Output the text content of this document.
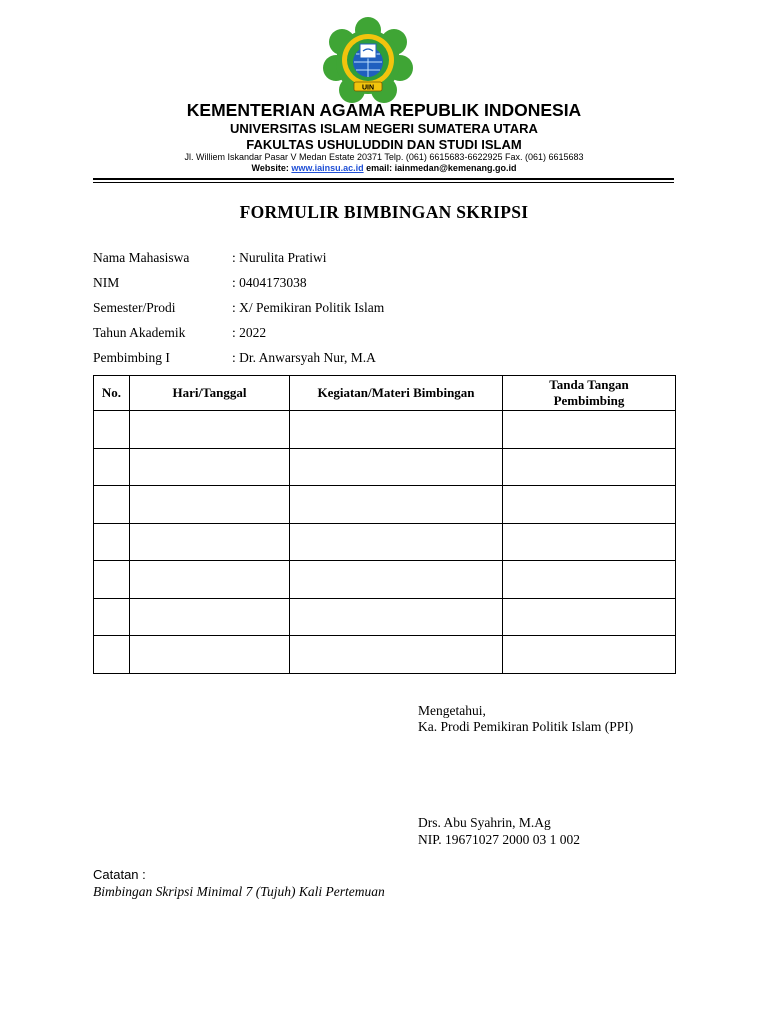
UIN
KEMENTERIAN AGAMA REPUBLIK INDONESIA
UNIVERSITAS ISLAM NEGERI SUMATERA UTARA
FAKULTAS USHULUDDIN DAN STUDI ISLAM
Jl. Williem Iskandar Pasar V Medan Estate 20371 Telp. (061) 6615683-6622925 Fax. (061) 6615683
Website: www.iainsu.ac.id email: iainmedan@kemenang.go.id
FORMULIR BIMBINGAN SKRIPSI
Nama Mahasiswa	: Nurulita Pratiwi
NIM	: 0404173038
Semester/Prodi	: X/ Pemikiran Politik Islam
Tahun Akademik	: 2022
Pembimbing I	: Dr. Anwarsyah Nur, M.A
No.	Hari/Tanggal	Kegiatan/Materi Bimbingan	Tanda Tangan Pembimbing

Mengetahui,
Ka. Prodi Pemikiran Politik Islam (PPI)
Drs. Abu Syahrin, M.Ag
NIP. 19671027 2000 03 1 002
Catatan :
Bimbingan Skripsi Minimal 7 (Tujuh) Kali Pertemuan
